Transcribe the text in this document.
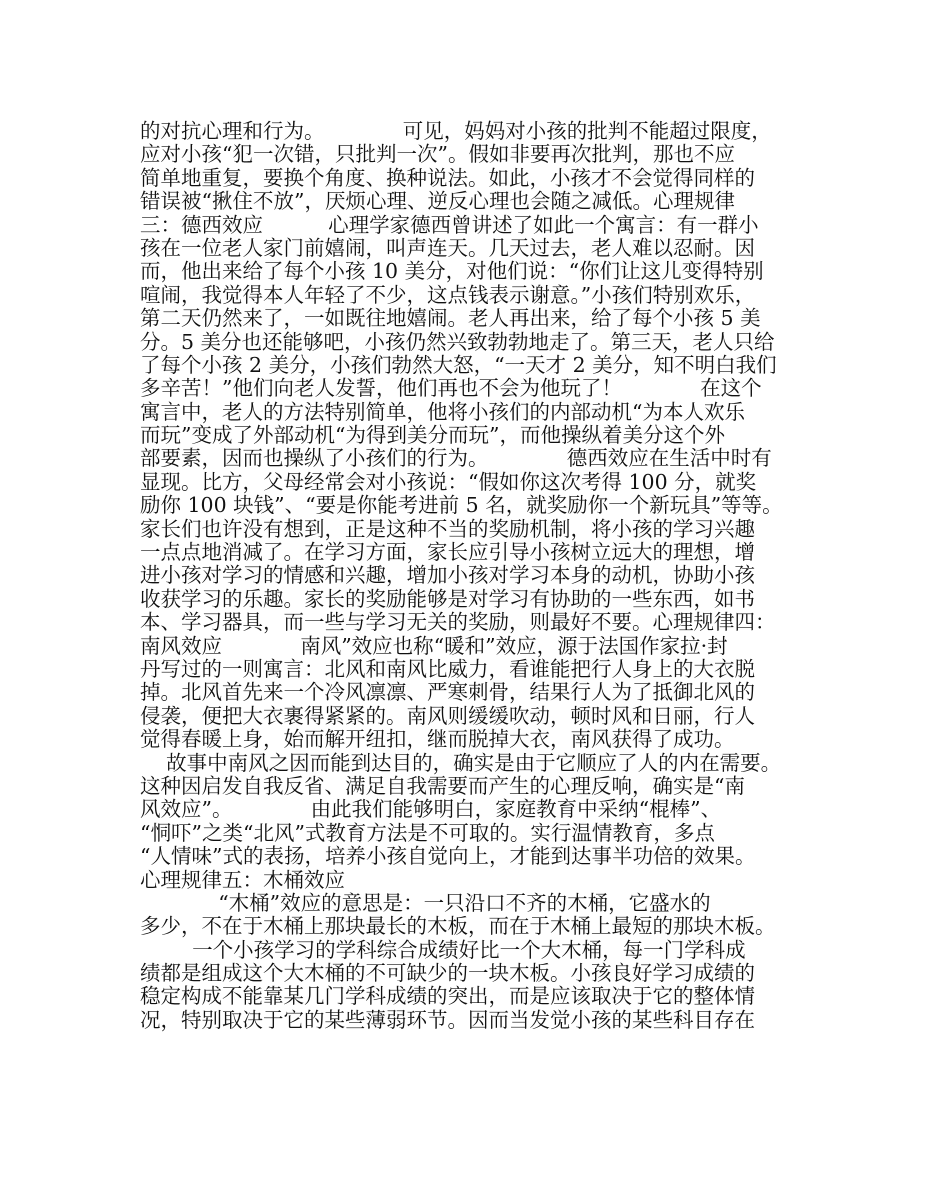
的对抗心理和行为。            可见，妈妈对小孩的批判不能超过限度，
应对小孩“犯一次错，只批判一次”。假如非要再次批判，那也不应
简单地重复，要换个角度、换种说法。如此，小孩才不会觉得同样的
错误被“揪住不放”，厌烦心理、逆反心理也会随之减低。心理规律
三：德西效应          心理学家德西曾讲述了如此一个寓言：有一群小
孩在一位老人家门前嬉闹，叫声连天。几天过去，老人难以忍耐。因
而，他出来给了每个小孩 10 美分，对他们说：“你们让这儿变得特别
喧闹，我觉得本人年轻了不少，这点钱表示谢意。”小孩们特别欢乐，
第二天仍然来了，一如既往地嬉闹。老人再出来，给了每个小孩 5 美
分。5 美分也还能够吧，小孩仍然兴致勃勃地走了。第三天，老人只给
了每个小孩 2 美分，小孩们勃然大怒，“一天才 2 美分，知不明白我们
多辛苦！”他们向老人发誓，他们再也不会为他玩了！            在这个
寓言中，老人的方法特别简单，他将小孩们的内部动机“为本人欢乐
而玩”变成了外部动机“为得到美分而玩”，而他操纵着美分这个外
部要素，因而也操纵了小孩们的行为。            德西效应在生活中时有
显现。比方，父母经常会对小孩说：“假如你这次考得 100 分，就奖
励你 100 块钱”、“要是你能考进前 5 名，就奖励你一个新玩具”等等。
家长们也许没有想到，正是这种不当的奖励机制，将小孩的学习兴趣
一点点地消减了。在学习方面，家长应引导小孩树立远大的理想，增
进小孩对学习的情感和兴趣，增加小孩对学习本身的动机，协助小孩
收获学习的乐趣。家长的奖励能够是对学习有协助的一些东西，如书
本、学习器具，而一些与学习无关的奖励，则最好不要。心理规律四：
南风效应            南风”效应也称“暖和”效应，源于法国作家拉·封
丹写过的一则寓言：北风和南风比威力，看谁能把行人身上的大衣脱
掉。北风首先来一个冷风凛凛、严寒刺骨，结果行人为了抵御北风的
侵袭，便把大衣裹得紧紧的。南风则缓缓吹动，顿时风和日丽，行人
觉得春暖上身，始而解开纽扣，继而脱掉大衣，南风获得了成功。
故事中南风之因而能到达目的，确实是由于它顺应了人的内在需要。
这种因启发自我反省、满足自我需要而产生的心理反响，确实是“南
风效应”。            由此我们能够明白，家庭教育中采纳“棍棒”、
“恫吓”之类“北风”式教育方法是不可取的。实行温情教育，多点
“人情味”式的表扬，培养小孩自觉向上，才能到达事半功倍的效果。
心理规律五：木桶效应
“木桶”效应的意思是：一只沿口不齐的木桶，它盛水的
多少，不在于木桶上那块最长的木板，而在于木桶上最短的那块木板。
一个小孩学习的学科综合成绩好比一个大木桶，每一门学科成
绩都是组成这个大木桶的不可缺少的一块木板。小孩良好学习成绩的
稳定构成不能靠某几门学科成绩的突出，而是应该取决于它的整体情
况，特别取决于它的某些薄弱环节。因而当发觉小孩的某些科目存在
